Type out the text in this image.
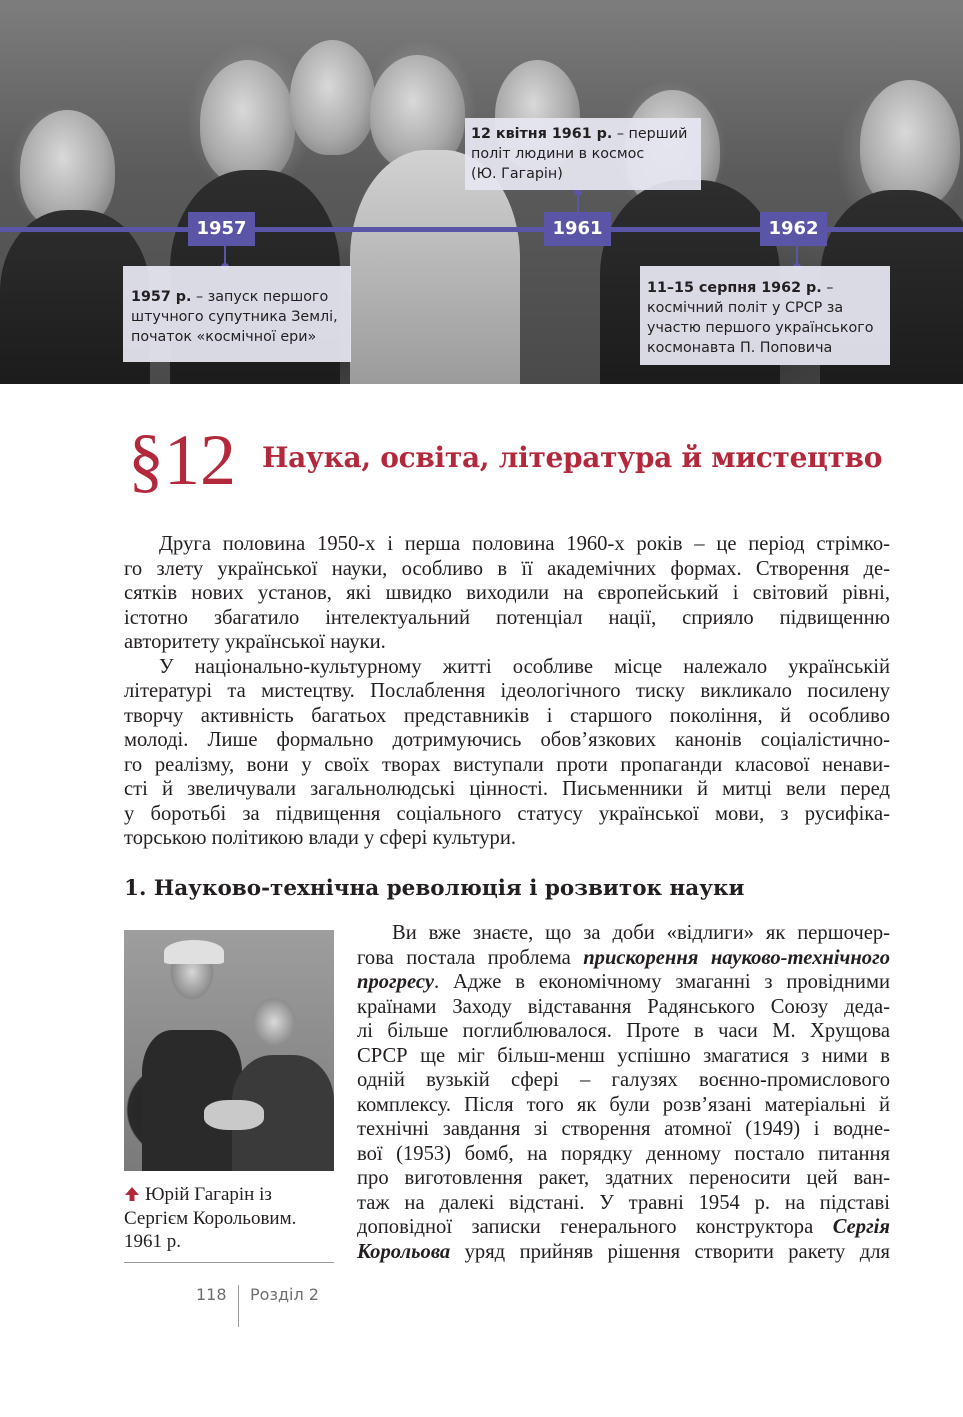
1957	1961	1962
1957 р. – запуск першого
штучного супутника Землі,
початок «космічної ери»
12 квітня 1961 р. – перший
політ людини в космос
(Ю. Гагарін)
11–15 серпня 1962 р. –
космічний політ у СРСР за
участю першого українського
космонавта П. Поповича
§12 Наука, освіта, література й мистецтво
Друга половина 1950-х і перша половина 1960-х років – це період стрімко-
го злету української науки, особливо в її академічних формах. Створення де-
сятків нових установ, які швидко виходили на європейський і світовий рівні,
істотно збагатило інтелектуальний потенціал нації, сприяло підвищенню
авторитету української науки.
У національно-культурному житті особливе місце належало українській
літературі та мистецтву. Послаблення ідеологічного тиску викликало посилену
творчу активність багатьох представників і старшого покоління, й особливо
молоді. Лише формально дотримуючись обов’язкових канонів соціалістично-
го реалізму, вони у своїх творах виступали проти пропаганди класової ненави-
сті й звеличували загальнолюдські цінності. Письменники й митці вели перед
у боротьбі за підвищення соціального статусу української мови, з русифіка-
торською політикою влади у сфері культури.
1. Науково-технічна революція і розвиток науки
Ви вже знаєте, що за доби «відлиги» як першочер-
гова постала проблема прискорення науково-технічного
прогресу. Адже в економічному змаганні з провідними
країнами Заходу відставання Радянського Союзу деда-
лі більше поглиблювалося. Проте в часи М. Хрущова
СРСР ще міг більш-менш успішно змагатися з ними в
одній вузькій сфері – галузях воєнно-промислового
комплексу. Після того як були розв’язані матеріальні й
технічні завдання зі створення атомної (1949) і водне-
вої (1953) бомб, на порядку денному постало питання
про виготовлення ракет, здатних переносити цей ван-
таж на далекі відстані. У травні 1954 р. на підставі
доповідної записки генерального конструктора Сергія
Корольова уряд прийняв рішення створити ракету для
Юрій Гагарін із
Сергієм Корольовим.
1961 р.
118 Розділ 2
